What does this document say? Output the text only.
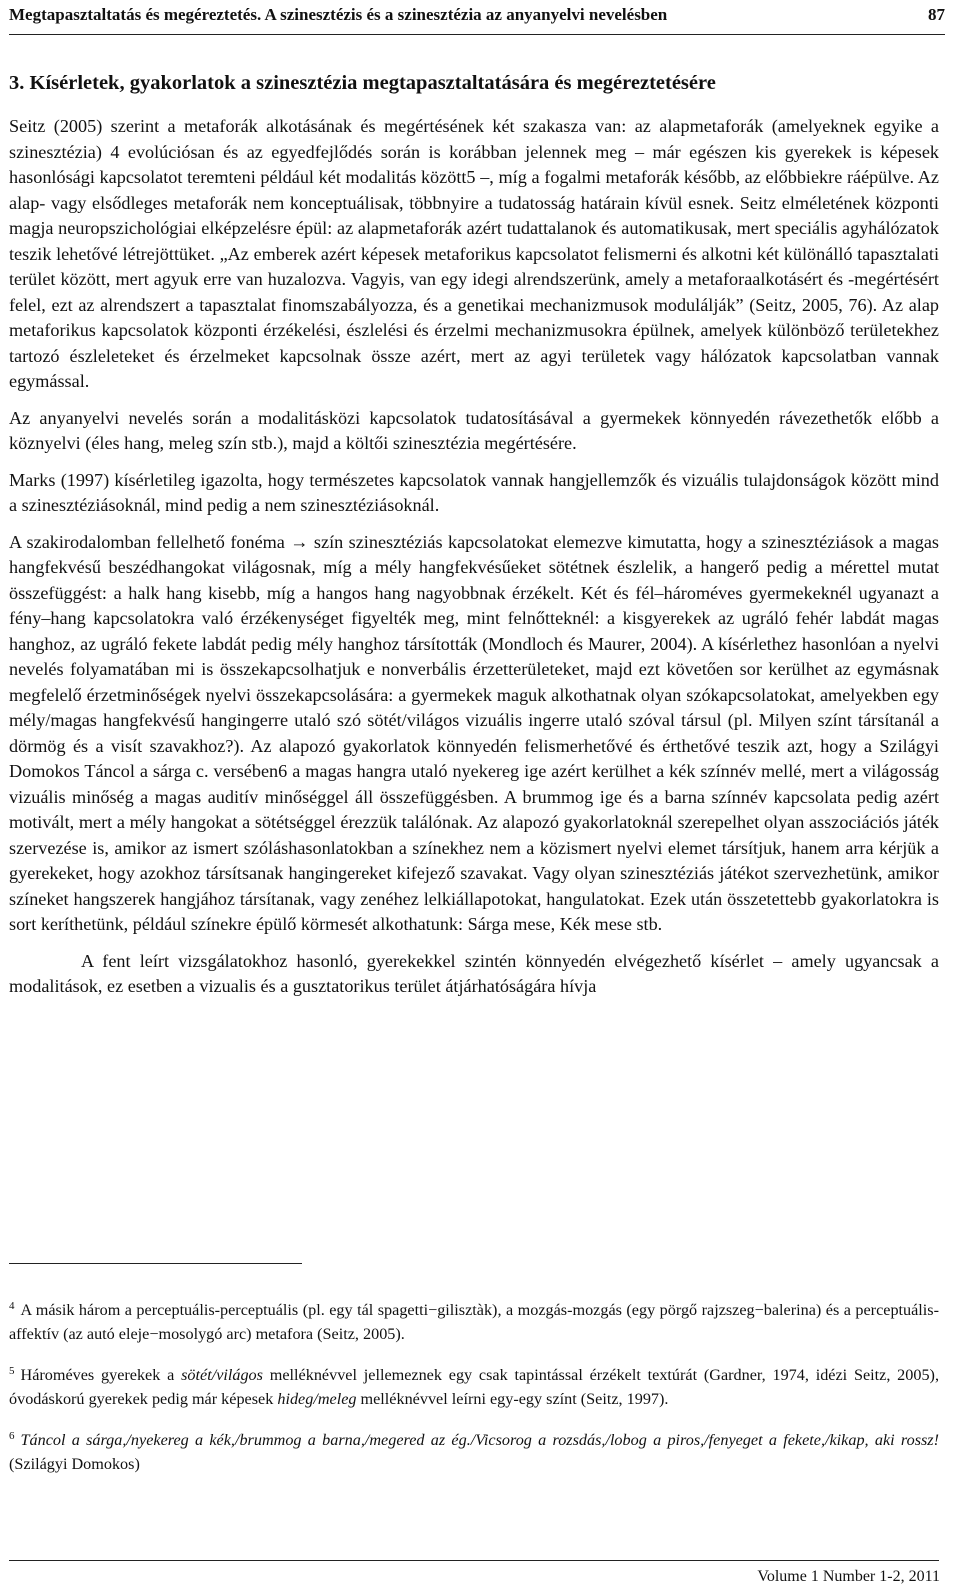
Megtapasztaltatás és megéreztetés. A szinesztézis és a szinesztézia az anyanyelvi nevelésben	87
3. Kísérletek, gyakorlatok a szinesztézia megtapasztaltatására és megéreztetésére

Seitz (2005) szerint a metaforák alkotásának és megértésének két szakasza van: az alapmetaforák (amelyeknek egyike a szinesztézia) 4 evolúciósan és az egyedfejlődés során is korábban jelennek meg – már egészen kis gyerekek is képesek hasonlósági kapcsolatot teremteni például két modalitás között5 –, míg a fogalmi metaforák később, az előbbiekre ráépülve. Az alap- vagy elsődleges metaforák nem konceptuálisak, többnyire a tudatosság határain kívül esnek. Seitz elméletének központi magja neuropszichológiai elképzelésre épül: az alapmetaforák azért tudattalanok és automatikusak, mert speciális agyhálózatok teszik lehetővé létrejöttüket. „Az emberek azért képesek metaforikus kapcsolatot felismerni és alkotni két különálló tapasztalati terület között, mert agyuk erre van huzalozva. Vagyis, van egy idegi alrendszerünk, amely a metaforaalkotásért és -megértésért felel, ezt az alrendszert a tapasztalat finomszabályozza, és a genetikai mechanizmusok modulálják” (Seitz, 2005, 76). Az alap metaforikus kapcsolatok központi érzékelési, észlelési és érzelmi mechanizmusokra épülnek, amelyek különböző területekhez tartozó észleleteket és érzelmeket kapcsolnak össze azért, mert az agyi területek vagy hálózatok kapcsolatban vannak egymással.

Az anyanyelvi nevelés során a modalitásközi kapcsolatok tudatosításával a gyermekek könnyedén rávezethetők előbb a köznyelvi (éles hang, meleg szín stb.), majd a költői szinesztézia megértésére.

Marks (1997) kísérletileg igazolta, hogy természetes kapcsolatok vannak hangjellemzők és vizuális tulajdonságok között mind a szinesztéziásoknál, mind pedig a nem szinesztéziásoknál.

A szakirodalomban fellelhető fonéma → szín szinesztéziás kapcsolatokat elemezve kimutatta, hogy a szinesztéziások a magas hangfekvésű beszédhangokat világosnak, míg a mély hangfekvésűeket sötétnek észlelik, a hangerő pedig a mérettel mutat összefüggést: a halk hang kisebb, míg a hangos hang nagyobbnak érzékelt. Két és fél–hároméves gyermekeknél ugyanazt a fény–hang kapcsolatokra való érzékenységet figyelték meg, mint felnőtteknél: a kisgyerekek az ugráló fehér labdát magas hanghoz, az ugráló fekete labdát pedig mély hanghoz társították (Mondloch és Maurer, 2004). A kísérlethez hasonlóan a nyelvi nevelés folyamatában mi is összekapcsolhatjuk e nonverbális érzetterületeket, majd ezt követően sor kerülhet az egymásnak megfelelő érzetminőségek nyelvi összekapcsolására: a gyermekek maguk alkothatnak olyan szókapcsolatokat, amelyekben egy mély/magas hangfekvésű hangingerre utaló szó sötét/világos vizuális ingerre utaló szóval társul (pl. Milyen színt társítanál a dörmög és a visít szavakhoz?). Az alapozó gyakorlatok könnyedén felismerhetővé és érthetővé teszik azt, hogy a Szilágyi Domokos Táncol a sárga c. versében6 a magas hangra utaló nyekereg ige azért kerülhet a kék színnév mellé, mert a világosság vizuális minőség a magas auditív minőséggel áll összefüggésben. A brummog ige és a barna színnév kapcsolata pedig azért motivált, mert a mély hangokat a sötétséggel érezzük találónak. Az alapozó gyakorlatoknál szerepelhet olyan asszociációs játék szervezése is, amikor az ismert szóláshasonlatokban a színekhez nem a közismert nyelvi elemet társítjuk, hanem arra kérjük a gyerekeket, hogy azokhoz társítsanak hangingereket kifejező szavakat. Vagy olyan szinesztéziás játékot szervezhetünk, amikor színeket hangszerek hangjához társítanak, vagy zenéhez lelkiállapotokat, hangulatokat. Ezek után összetettebb gyakorlatokra is sort keríthetünk, például színekre épülő körmesét alkothatunk: Sárga mese, Kék mese stb.

A fent leírt vizsgálatokhoz hasonló, gyerekekkel szintén könnyedén elvégezhető kísérlet – amely ugyancsak a modalitások, ez esetben a vizualis és a gusztatorikus terület átjárhatóságára hívja

$^4$ A másik három a perceptuális-perceptuális (pl. egy tál spagetti−gilisztàk), a mozgás-mozgás (egy pörgő rajzszeg−balerina) és a perceptuális-affektív (az autó eleje−mosolygó arc) metafora (Seitz, 2005).

$^5$ Hároméves gyerekek a sötét/világos melléknévvel jellemeznek egy csak tapintással érzékelt textúrát (Gardner, 1974, idézi Seitz, 2005), óvodáskorú gyerekek pedig már képesek hideg/meleg melléknévvel leírni egy-egy színt (Seitz, 1997).

$^6$ Táncol a sárga,/nyekereg a kék,/brummog a barna,/megered az ég./Vicsorog a rozsdás,/lobog a piros,/fenyeget a fekete,/kikap, aki rossz! (Szilágyi Domokos)

Volume 1 Number 1-2, 2011
